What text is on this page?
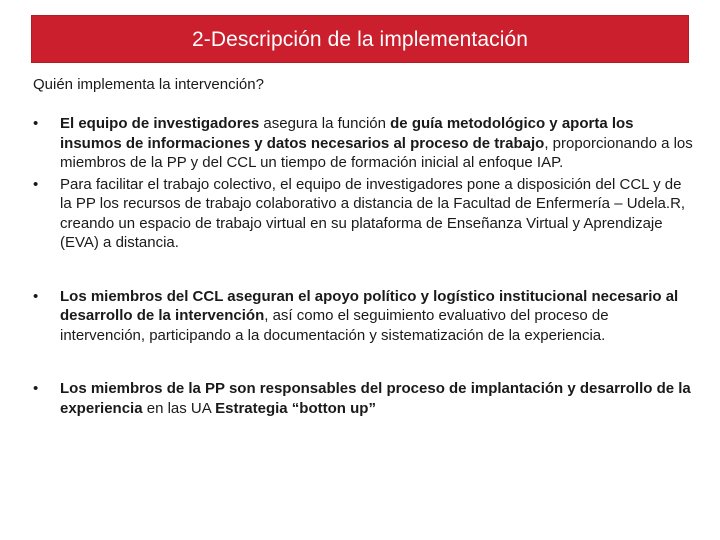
2-Descripción de la implementación
Quién implementa la intervención?
• El equipo de investigadores asegura la función de guía metodológico y aporta los insumos de informaciones y datos necesarios al proceso de trabajo, proporcionando a los miembros de la PP y del CCL un tiempo de formación inicial al enfoque IAP.
• Para facilitar el trabajo colectivo, el equipo de investigadores pone a disposición del CCL y de la PP los recursos de trabajo colaborativo a distancia de la Facultad de Enfermería – Udela.R, creando un espacio de trabajo virtual en su plataforma de Enseñanza Virtual y Aprendizaje (EVA) a distancia.
• Los miembros del CCL aseguran el apoyo político y logístico institucional necesario al desarrollo de la intervención, así como el seguimiento evaluativo del proceso de intervención, participando a la documentación y sistematización de la experiencia.
• Los miembros de la PP son responsables del proceso de implantación y desarrollo de la experiencia en las UA Estrategia “botton up”
